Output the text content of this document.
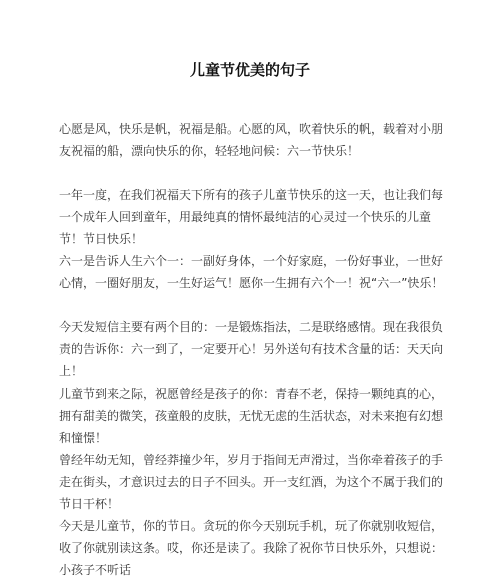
儿童节优美的句子

心愿是风，快乐是帆，祝福是船。心愿的风，吹着快乐的帆，载着对小朋友祝福的船，漂向快乐的你，轻轻地问候：六一节快乐！

一年一度，在我们祝福天下所有的孩子儿童节快乐的这一天，也让我们每一个成年人回到童年，用最纯真的情怀最纯洁的心灵过一个快乐的儿童节！节日快乐！

六一是告诉人生六个一：一副好身体，一个好家庭，一份好事业，一世好心情，一圈好朋友，一生好运气！愿你一生拥有六个一！祝“六一”快乐！

今天发短信主要有两个目的：一是锻炼指法，二是联络感情。现在我很负责的告诉你：六一到了，一定要开心！另外送句有技术含量的话：天天向上！

儿童节到来之际，祝愿曾经是孩子的你：青春不老，保持一颗纯真的心，拥有甜美的微笑，孩童般的皮肤，无忧无虑的生活状态，对未来抱有幻想和憧憬！

曾经年幼无知，曾经莽撞少年，岁月于指间无声滑过，当你牵着孩子的手走在街头，才意识过去的日子不回头。开一支红酒，为这个不属于我们的节日干杯！

今天是儿童节，你的节日。贪玩的你今天别玩手机，玩了你就别收短信，收了你就别读这条。哎，你还是读了。我除了祝你节日快乐外，只想说：小孩子不听话
